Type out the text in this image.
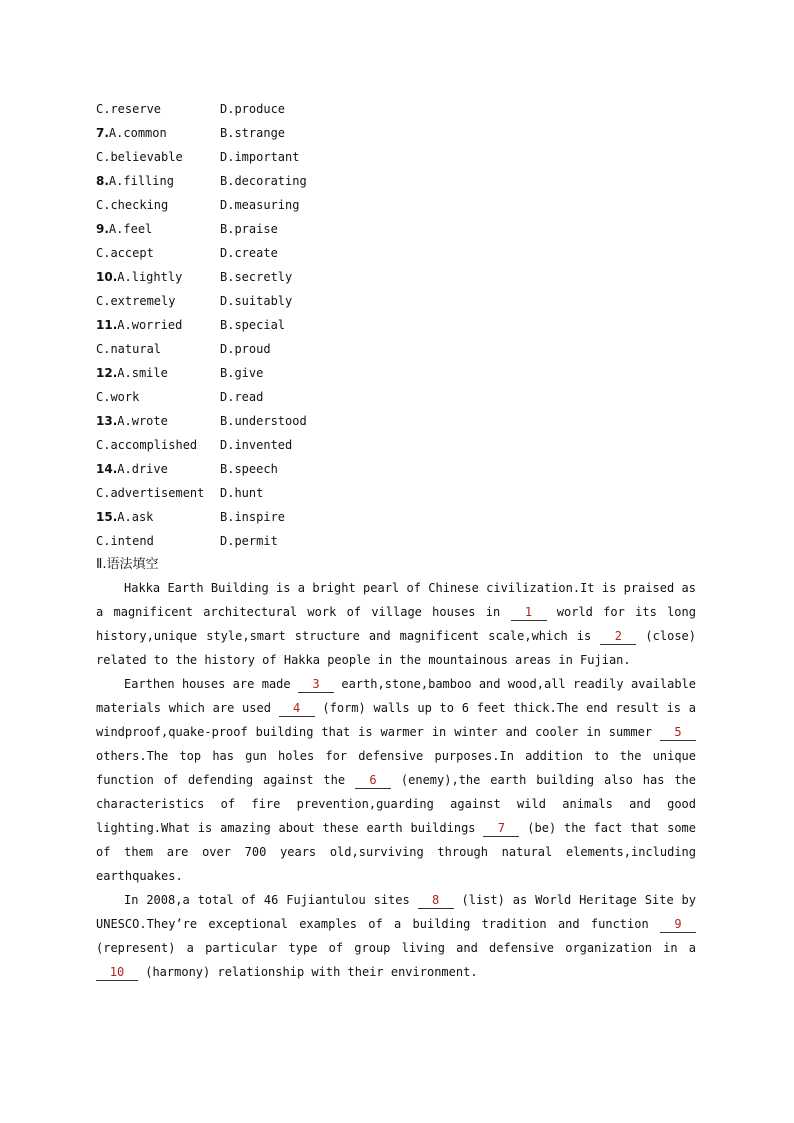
C.reserve	D.produce
7.A.common	B.strange
C.believable	D.important
8.A.filling	B.decorating
C.checking	D.measuring
9.A.feel	B.praise
C.accept	D.create
10.A.lightly	B.secretly
C.extremely	D.suitably
11.A.worried	B.special
C.natural	D.proud
12.A.smile	B.give
C.work	D.read
13.A.wrote	B.understood
C.accomplished D.invented
14.A.drive	B.speech
C.advertisement D.hunt
15.A.ask	B.inspire
C.intend	D.permit
Ⅱ.语法填空

Hakka Earth Building is a bright pearl of Chinese civilization.It is praised as a magnificent architectural work of village houses in 1 world for its long history,unique style,smart structure and magnificent scale,which is 2 (close) related to the history of Hakka people in the mountainous areas in Fujian.

Earthen houses are made 3 earth,stone,bamboo and wood,all readily available materials which are used 4 (form) walls up to 6 feet thick.The end result is a windproof,quake-proof building that is warmer in winter and cooler in summer 5 others.The top has gun holes for defensive purposes.In addition to the unique function of defending against the 6 (enemy),the earth building also has the characteristics of fire prevention,guarding against wild animals and good lighting.What is amazing about these earth buildings 7 (be) the fact that some of them are over 700 years old,surviving through natural elements,including earthquakes.

In 2008,a total of 46 Fujiantulou sites 8 (list) as World Heritage Site by UNESCO.They’re exceptional examples of a building tradition and function 9 (represent) a particular type of group living and defensive organization in a 10 (harmony) relationship with their environment.
